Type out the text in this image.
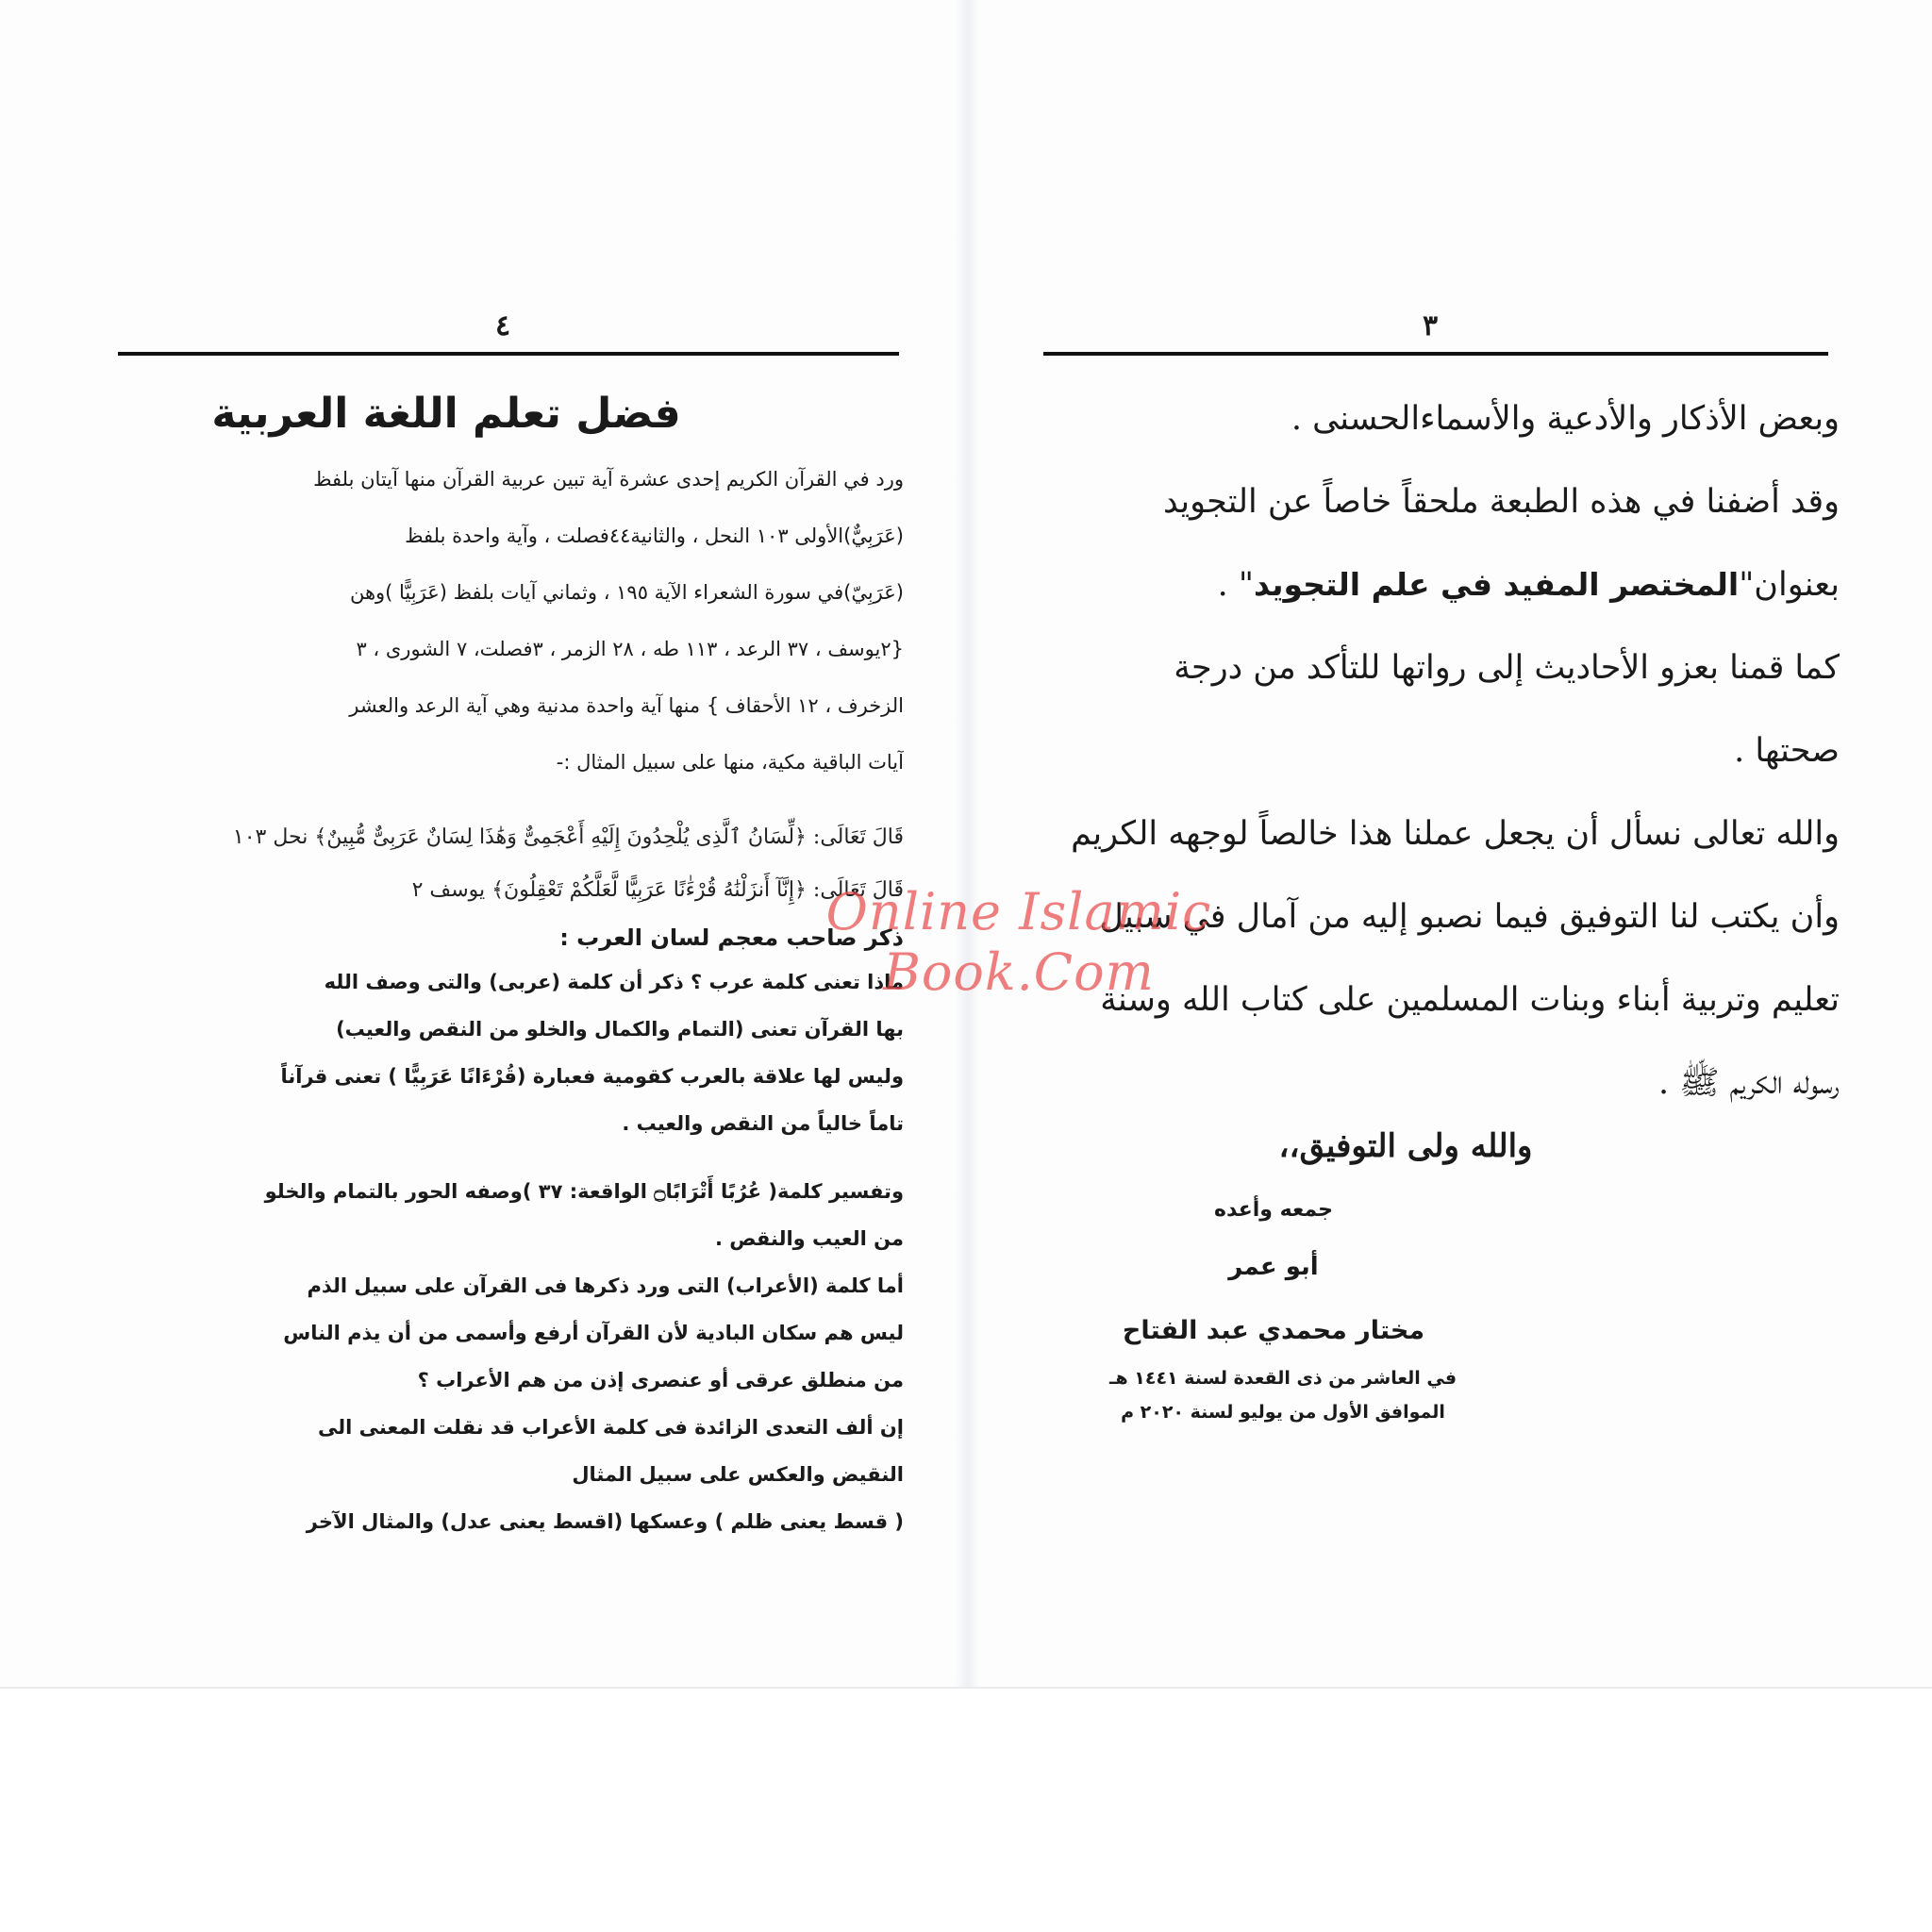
٤
فضل تعلم اللغة العربية
ورد في القرآن الكريم إحدى عشرة آية تبين عربية القرآن منها آيتان بلفظ
(عَرَبِيٌّ)الأولى ١٠٣ النحل ، والثانية٤٤فصلت ، وآية واحدة بلفظ
(عَرَبِيّ)في سورة الشعراء الآية ١٩٥ ، وثماني آيات بلفظ (عَرَبِيًّا )وهن
{٢يوسف ، ٣٧ الرعد ، ١١٣ طه ، ٢٨ الزمر ، ٣فصلت، ٧ الشورى ، ٣
الزخرف ، ١٢ الأحقاف } منها آية واحدة مدنية وهي آية الرعد والعشر
آيات الباقية مكية، منها على سبيل المثال :-
قَالَ تَعَالَى: ﴿لِّسَانُ ٱلَّذِى يُلْحِدُونَ إِلَيْهِ أَعْجَمِىٌّ وَهَٰذَا لِسَانٌ عَرَبِىٌّ مُّبِينٌ﴾ نحل ١٠٣
قَالَ تَعَالَى: ﴿إِنَّآ أَنزَلْنَٰهُ قُرْءَٰنًا عَرَبِيًّا لَّعَلَّكُمْ تَعْقِلُونَ﴾ يوسف ٢
ذكر صاحب معجم لسان العرب :
ماذا تعنى كلمة عرب ؟ ذكر أن كلمة (عربى) والتى وصف الله
بها القرآن تعنى (التمام والكمال والخلو من النقص والعيب)
وليس لها علاقة بالعرب كقومية فعبارة (قُرْءَانًا عَرَبِيًّا ) تعنى قرآناً
تاماً خالياً من النقص والعيب .
وتفسير كلمة( عُرُبًا أَتْرَابًا۝ الواقعة: ٣٧ )وصفه الحور بالتمام والخلو
من العيب والنقص .
أما كلمة (الأعراب) التى ورد ذكرها فى القرآن على سبيل الذم
ليس هم سكان البادية لأن القرآن أرفع وأسمى من أن يذم الناس
من منطلق عرقى أو عنصرى إذن من هم الأعراب ؟
إن ألف التعدى الزائدة فى كلمة الأعراب قد نقلت المعنى الى
النقيض والعكس على سبيل المثال
( قسط يعنى ظلم ) وعسكها (اقسط يعنى عدل) والمثال الآخر
٣
وبعض الأذكار والأدعية والأسماءالحسنى .
وقد أضفنا في هذه الطبعة ملحقاً خاصاً عن التجويد
بعنوان"المختصر المفيد في علم التجويد" .
كما قمنا بعزو الأحاديث إلى رواتها للتأكد من درجة
صحتها .
والله تعالى نسأل أن يجعل عملنا هذا خالصاً لوجهه الكريم
وأن يكتب لنا التوفيق فيما نصبو إليه من آمال في سبيل
تعليم وتربية أبناء وبنات المسلمين على كتاب الله وسنة
رسوله الكريم ﷺ .
والله ولى التوفيق،،
جمعه وأعده
أبو عمر
مختار محمدي عبد الفتاح
في العاشر من ذى القعدة لسنة ١٤٤١ هـ
الموافق الأول من يوليو لسنة ٢٠٢٠ م
Online Islamic
Book.Com
